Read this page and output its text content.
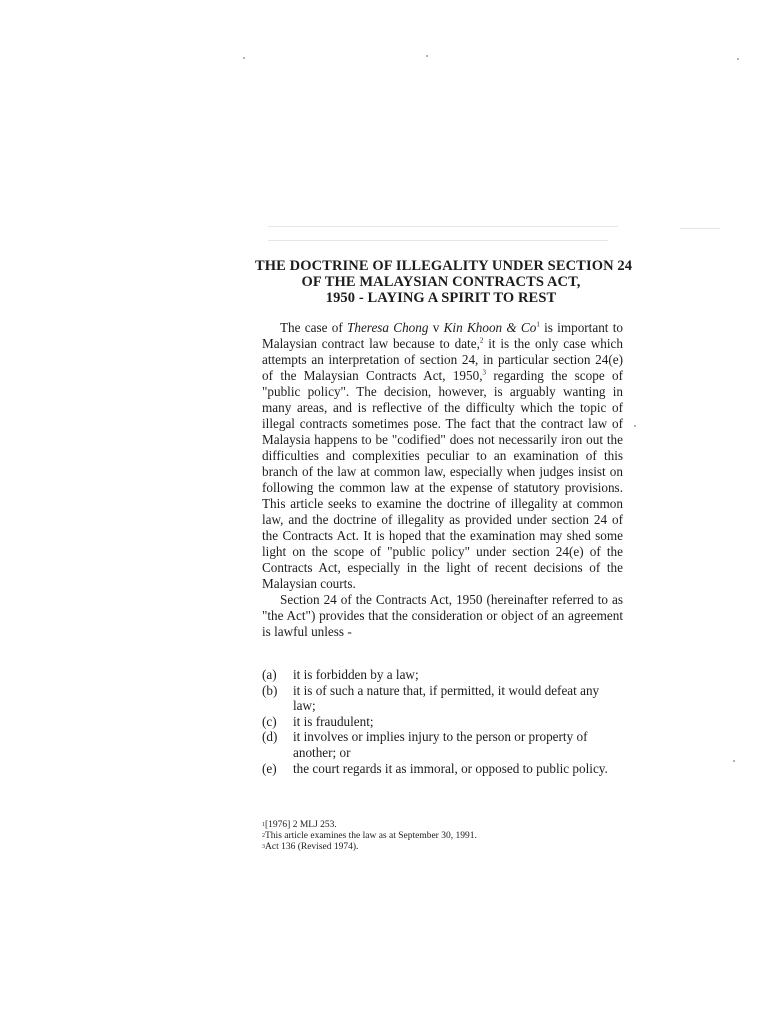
THE DOCTRINE OF ILLEGALITY UNDER SECTION 24
OF THE MALAYSIAN CONTRACTS ACT,
1950 - LAYING A SPIRIT TO REST

The case of Theresa Chong v Kin Khoon & Co$^1$ is important to Malaysian contract law because to date,$^2$ it is the only case which attempts an interpretation of section 24, in particular section 24(e) of the Malaysian Contracts Act, 1950,$^3$ regarding the scope of "public policy". The decision, however, is arguably wanting in many areas, and is reflective of the difficulty which the topic of illegal contracts sometimes pose. The fact that the contract law of Malaysia happens to be "codified" does not necessarily iron out the difficulties and complexities peculiar to an examination of this branch of the law at common law, especially when judges insist on following the common law at the expense of statutory provisions. This article seeks to examine the doctrine of illegality at common law, and the doctrine of illegality as provided under section 24 of the Contracts Act. It is hoped that the examination may shed some light on the scope of "public policy" under section 24(e) of the Contracts Act, especially in the light of recent decisions of the Malaysian courts.

Section 24 of the Contracts Act, 1950 (hereinafter referred to as "the Act") provides that the consideration or object of an agreement is lawful unless -

(a)	it is forbidden by a law;
(b)	it is of such a nature that, if permitted, it would defeat any law;
(c)	it is fraudulent;
(d)	it involves or implies injury to the person or property of another; or
(e)	the court regards it as immoral, or opposed to public policy.
$^1$[1976] 2 MLJ 253.
$^2$This article examines the law as at September 30, 1991.
$^3$Act 136 (Revised 1974).
